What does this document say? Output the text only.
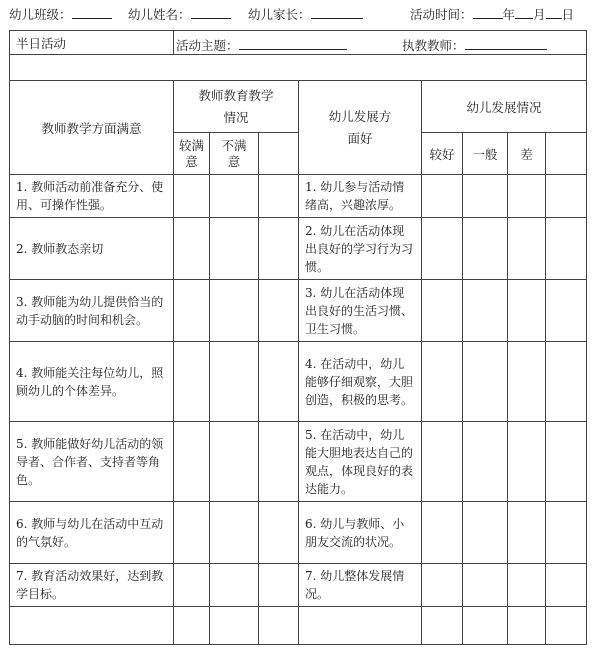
幼儿班级：	幼儿姓名：	幼儿家长：	活动时间： 年 月 日
半日活动	活动主题： 执教教师：							

教师教学方面满意	教师教育教学情况			幼儿发展方面好	幼儿发展情况			
	较满意	不满意			较好	一般	差	
1. 教师活动前准备充分、使用、可操作性强。				1. 幼儿参与活动情绪高，兴趣浓厚。				
2. 教师教态亲切				2. 幼儿在活动体现出良好的学习行为习惯。				
3. 教师能为幼儿提供恰当的动手动脑的时间和机会。				3. 幼儿在活动体现出良好的生活习惯、卫生习惯。				
4. 教师能关注每位幼儿，照顾幼儿的个体差异。				4. 在活动中，幼儿能够仔细观察，大胆创造，积极的思考。				
5. 教师能做好幼儿活动的领导者、合作者、支持者等角色。				5. 在活动中，幼儿能大胆地表达自己的观点，体现良好的表达能力。				
6. 教师与幼儿在活动中互动的气氛好。				6. 幼儿与教师、小朋友交流的状况。				
7. 教育活动效果好，达到教学目标。				7. 幼儿整体发展情况。				
